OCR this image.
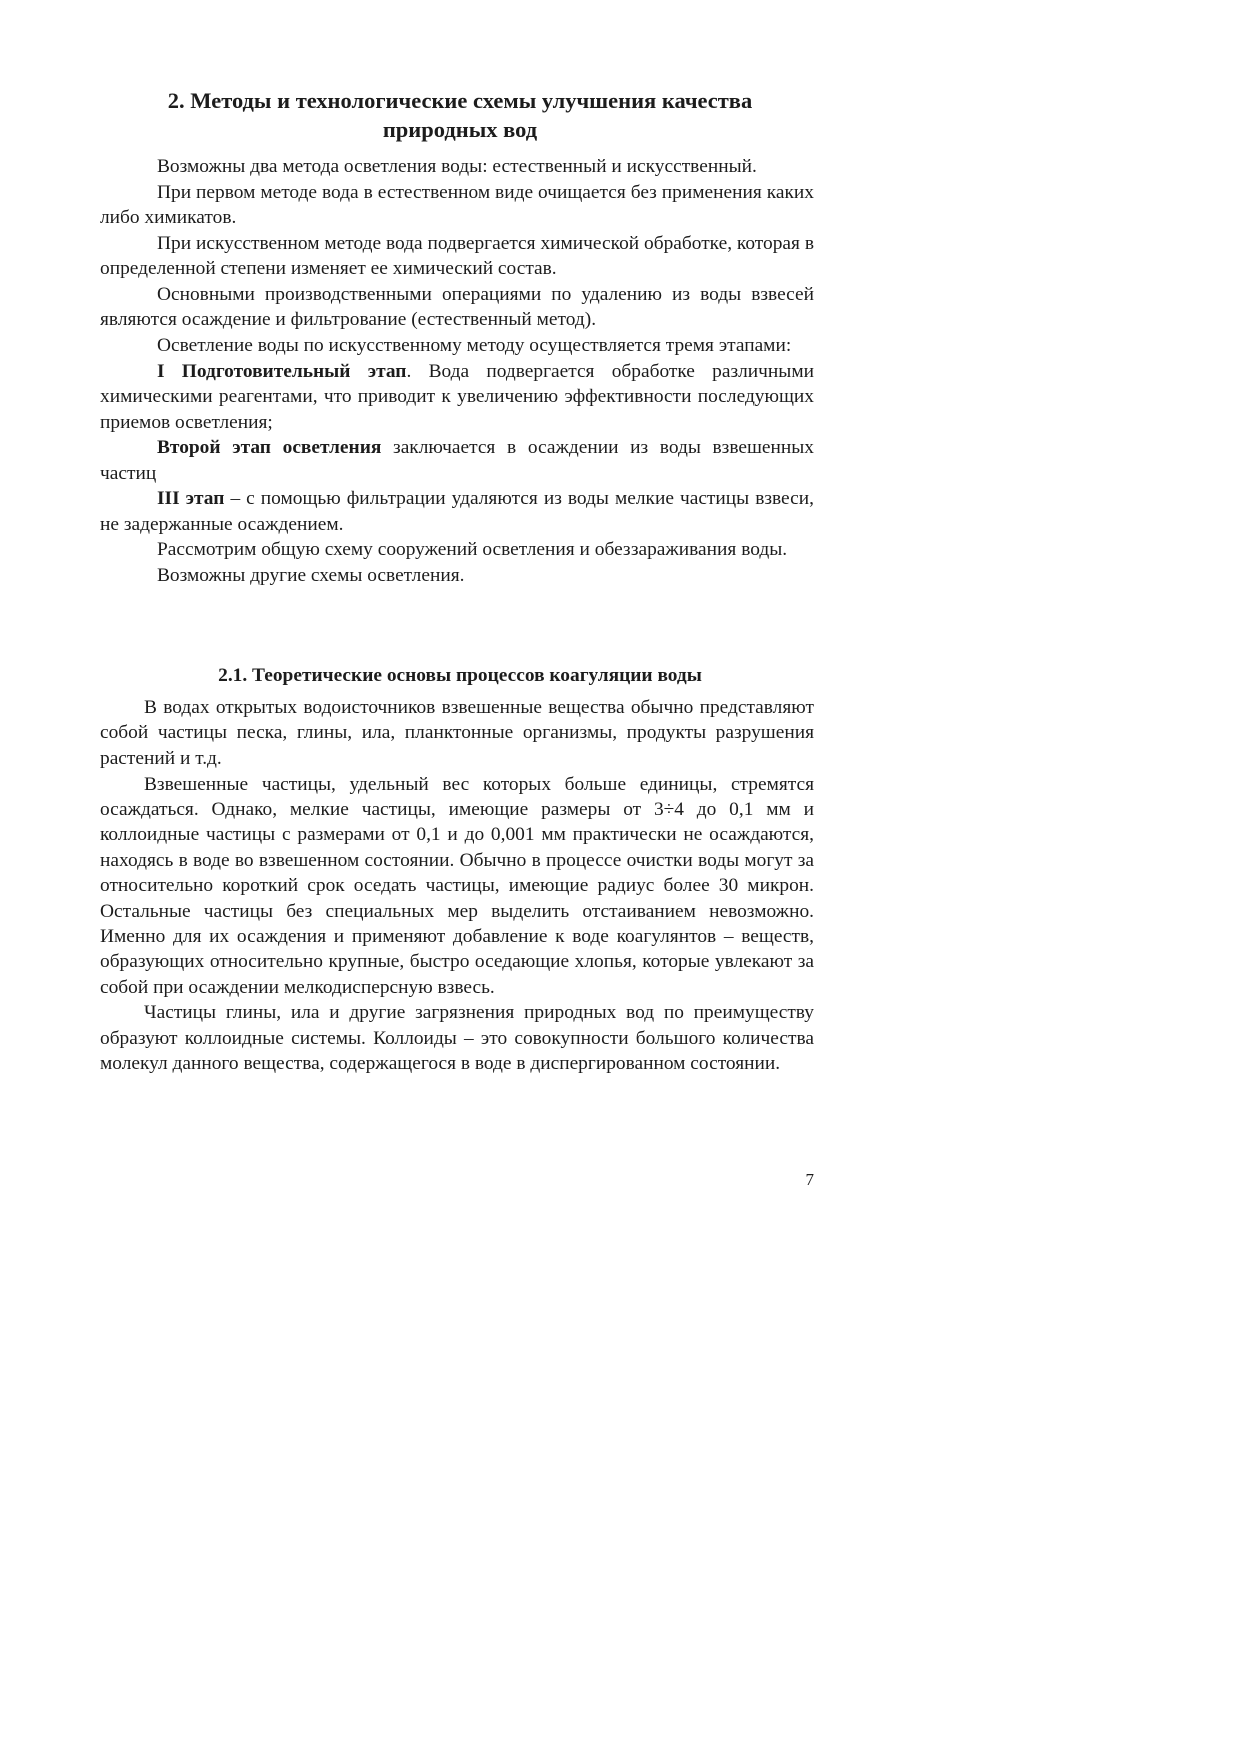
2. Методы и технологические схемы улучшения качества
природных вод

Возможны два метода осветления воды: естественный и искусственный.

При первом методе вода в естественном виде очищается без применения каких либо химикатов.

При искусственном методе вода подвергается химической обработке, которая в определенной степени изменяет ее химический состав.

Основными производственными операциями по удалению из воды взвесей являются осаждение и фильтрование (естественный метод).

Осветление воды по искусственному методу осуществляется тремя этапами:

I Подготовительный этап. Вода подвергается обработке различными химическими реагентами, что приводит к увеличению эффективности последующих приемов осветления;

Второй этап осветления заключается в осаждении из воды взвешенных частиц

III этап – с помощью фильтрации удаляются из воды мелкие частицы взвеси, не задержанные осаждением.

Рассмотрим общую схему сооружений осветления и обеззараживания воды.

Возможны другие схемы осветления.

2.1. Теоретические основы процессов коагуляции воды

В водах открытых водоисточников взвешенные вещества обычно представляют собой частицы песка, глины, ила, планктонные организмы, продукты разрушения растений и т.д.

Взвешенные частицы, удельный вес которых больше единицы, стремятся осаждаться. Однако, мелкие частицы, имеющие размеры от 3÷4 до 0,1 мм и коллоидные частицы с размерами от 0,1 и до 0,001 мм практически не осаждаются, находясь в воде во взвешенном состоянии. Обычно в процессе очистки воды могут за относительно короткий срок оседать частицы, имеющие радиус более 30 микрон. Остальные частицы без специальных мер выделить отстаиванием невозможно. Именно для их осаждения и применяют добавление к воде коагулянтов – веществ, образующих относительно крупные, быстро оседающие хлопья, которые увлекают за собой при осаждении мелкодисперсную взвесь.

Частицы глины, ила и другие загрязнения природных вод по преимуществу образуют коллоидные системы. Коллоиды – это совокупности большого количества молекул данного вещества, содержащегося в воде в диспергированном состоянии.

7
